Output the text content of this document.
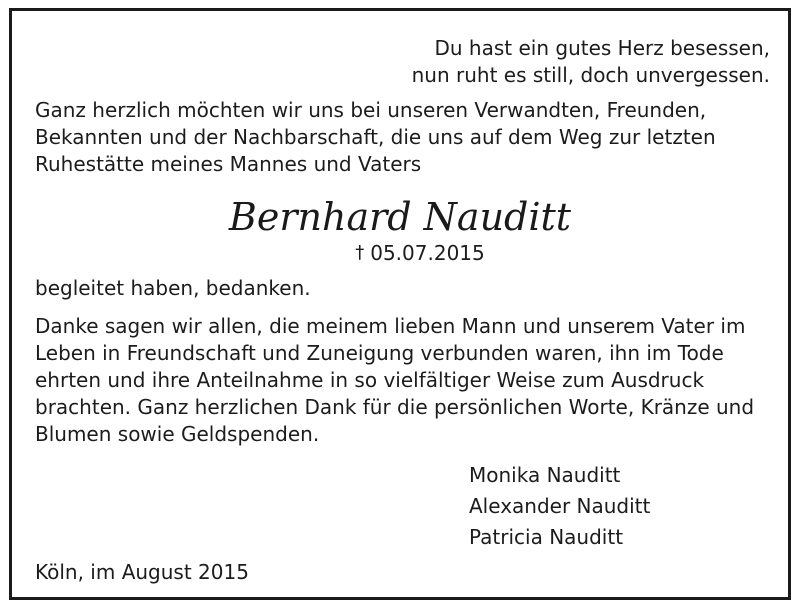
Du hast ein gutes Herz besessen,
nun ruht es still, doch unvergessen.
Ganz herzlich möchten wir uns bei unseren Verwandten, Freunden,
Bekannten und der Nachbarschaft, die uns auf dem Weg zur letzten
Ruhestätte meines Mannes und Vaters
Bernhard Nauditt
† 05.07.2015
begleitet haben, bedanken.
Danke sagen wir allen, die meinem lieben Mann und unserem Vater im
Leben in Freundschaft und Zuneigung verbunden waren, ihn im Tode
ehrten und ihre Anteilnahme in so vielfältiger Weise zum Ausdruck
brachten. Ganz herzlichen Dank für die persönlichen Worte, Kränze und
Blumen sowie Geldspenden.
Monika Nauditt
Alexander Nauditt
Patricia Nauditt
Köln, im August 2015
